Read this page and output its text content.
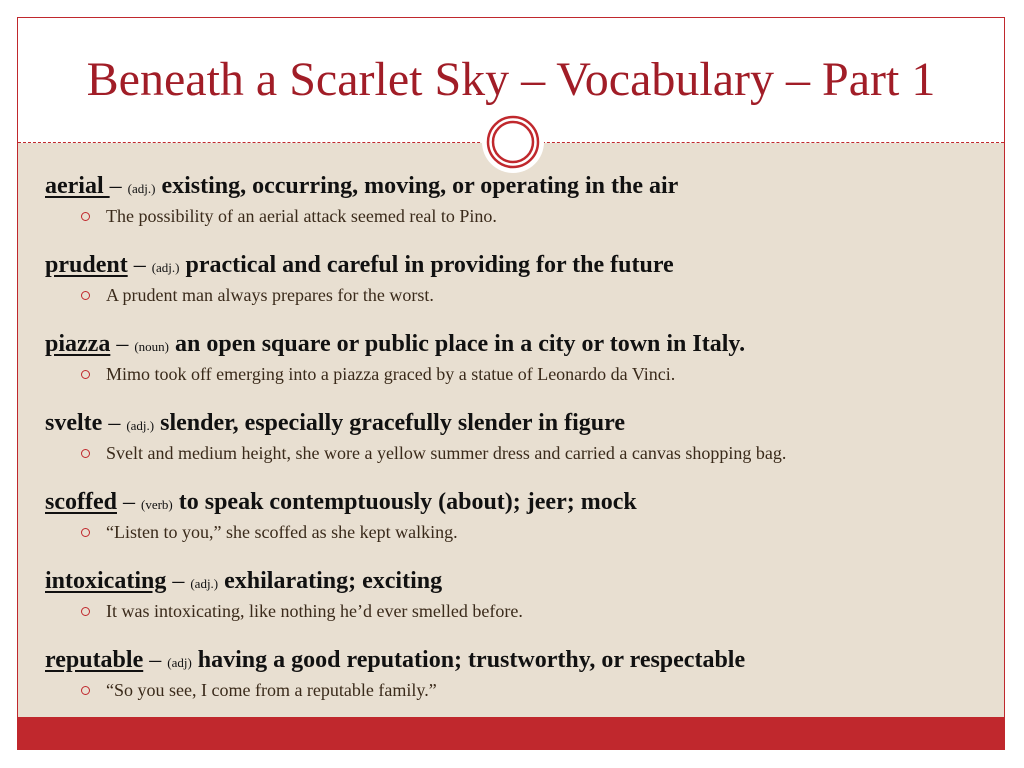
Beneath a Scarlet Sky – Vocabulary – Part 1
aerial – (adj.) existing, occurring, moving, or operating in the air
The possibility of an aerial attack seemed real to Pino.
prudent – (adj.) practical and careful in providing for the future
A prudent man always prepares for the worst.
piazza – (noun) an open square or public place in a city or town in Italy.
Mimo took off emerging into a piazza graced by a statue of Leonardo da Vinci.
svelte – (adj.) slender, especially gracefully slender in figure
Svelt and medium height, she wore a yellow summer dress and carried a canvas shopping bag.
scoffed – (verb) to speak contemptuously (about); jeer; mock
“Listen to you,” she scoffed as she kept walking.
intoxicating – (adj.) exhilarating; exciting
It was intoxicating, like nothing he’d ever smelled before.
reputable – (adj) having a good reputation; trustworthy, or respectable
“So you see, I come from a reputable family.”
